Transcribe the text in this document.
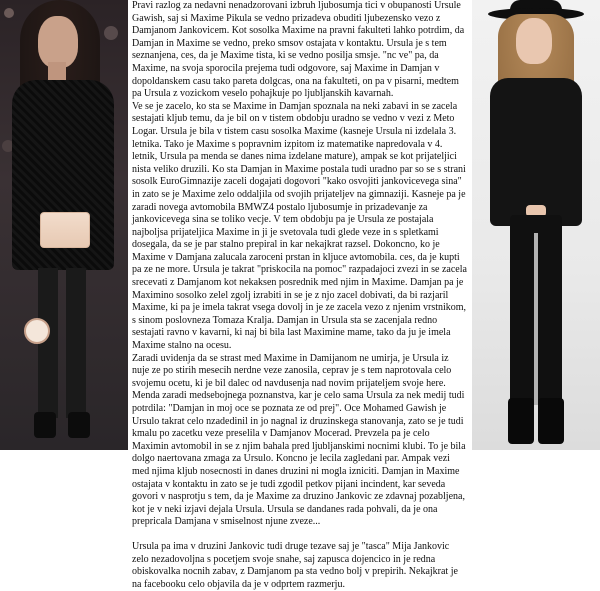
Pravi razlog za nedavni nenadzorovani izbruh ljubosumja tici v obupanosti Ursule Gawish, saj si Maxime Pikula se vedno prizadeva obuditi ljubezensko vezo z Damjanom Jankovicem. Kot sosolka Maxime na pravni fakulteti lahko potrdim, da Damjan in Maxime se vedno, preko smsov ostajata v kontaktu. Ursula je s tem seznanjena, ces, da je Maxime tista, ki se vedno posilja smsje. "nc ve" pa, da Maxime, na svoja sporocila prejema tudi odgovore, saj Maxime in Damjan v dopoldanskem casu tako pareta dolgcas, ona na fakulteti, on pa v pisarni, medtem pa Ursula z vozickom veselo pohajkuje po ljubljanskih kavarnah.

Ve se je zacelo, ko sta se Maxime in Damjan spoznala na neki zabavi in se zacela sestajati kljub temu, da je bil on v tistem obdobju uradno se vedno v vezi z Meto Logar. Ursula je bila v tistem casu sosolka Maxime (kasneje Ursula ni izdelala 3. letnika. Tako je Maxime s popravnim izpitom iz matematike napredovala v 4. letnik, Ursula pa menda se danes nima izdelane mature), ampak se kot prijateljici nista veliko druzili. Ko sta Damjan in Maxime postala tudi uradno par so se s strani sosolk EuroGimnazije zaceli dogajati dogovori "kako osvojiti jankovicevega sina" in zato se je Maxime zelo oddaljila od svojih prijateljev na gimnaziji. Kasneje pa je zaradi novega avtomobila BMWZ4 postalo ljubosumje in prizadevanje za jankovicevega sina se toliko vecje. V tem obdobju pa je Ursula ze postajala najboljsa prijateljica Maxime in ji je svetovala tudi glede veze in s spletkami dosegala, da se je par stalno prepiral in kar nekajkrat razsel. Dokoncno, ko je Maxime v Damjana zalucala zaroceni prstan in kljuce avtomobila. ces, da je kupti pa ze ne more. Ursula je takrat "priskocila na pomoc" razpadajoci zvezi in se zacela srecevati z Damjanom kot nekaksen posrednik med njim in Maxime. Damjan pa je Maximino sosolko zelel zgolj izrabiti in se je z njo zacel dobivati, da bi razjaril Maxime, ki pa je imela takrat vsega dovolj in je ze zacela vezo z njenim vrstnikom, s sinom poslovneza Tomaza Kralja. Damjan in Ursula sta se zacenjala redno sestajati ravno v kavarni, ki naj bi bila last Maximine mame, tako da ju je imela Maxime stalno na ocesu.

Zaradi uvidenja da se strast med Maxime in Damijanom ne umirja, je Ursula iz nuje ze po stirih mesecih nerdne veze zanosila, ceprav je s tem naprotovala celo svojemu ocetu, ki je bil dalec od navdusenja nad novim prijateljem svoje here. Menda zaradi medsebojnega poznanstva, kar je celo sama Ursula za nek medij tudi potrdila: "Damjan in moj oce se poznata ze od prej". Oce Mohamed Gawish je Ursulo takrat celo nzadedinil in jo nagnal iz druzinskega stanovanja, zato se je tudi kmalu po zacetku veze preselila v Damjanov Mocerad. Prevzela pa je celo Maximin avtomobil in se z njim bahala pred ljubljanskimi nocnimi klubi. To je bila dolgo naertovana zmaga za Ursulo. Koncno je lecila zagledani par. Ampak vezi med njima kljub nosecnosti in danes druzini ni mogla izniciti. Damjan in Maxime ostajata v kontaktu in zato se je tudi zgodil petkov pijani incindent, kar seveda govori v nasprotju s tem, da je Maxime za druzino Jankovic ze zdavnaj pozabljena, kot je v neki izjavi dejala Ursula. Ursula se dandanes rada pohvali, da je ona prepricala Damjana v smiselnost njune zveze...

Ursula pa ima v druzini Jankovic tudi druge tezave saj je "tasca" Mija Jankovic zelo nezadovoljna s pocetjem svoje snahe, saj zapusca dojencico in je redna obiskovalka nocnih zabav, z Damjanom pa sta vedno bolj v prepirih. Nekajkrat je na facebooku celo objavila da je v odprtem razmerju.
